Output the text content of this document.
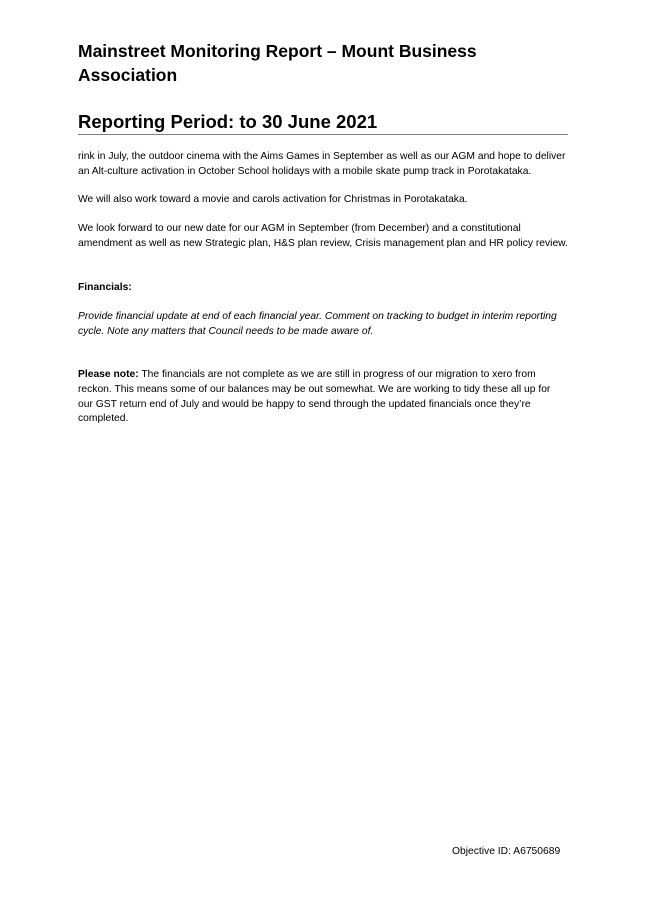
Mainstreet Monitoring Report – Mount Business Association
Reporting Period: to 30 June 2021

rink in July, the outdoor cinema with the Aims Games in September as well as our AGM and hope to deliver an Alt-culture activation in October School holidays with a mobile skate pump track in Porotakataka.

We will also work toward a movie and carols activation for Christmas in Porotakataka.

We look forward to our new date for our AGM in September (from December) and a constitutional amendment as well as new Strategic plan, H&S plan review, Crisis management plan and HR policy review.

Financials:

Provide financial update at end of each financial year. Comment on tracking to budget in interim reporting cycle. Note any matters that Council needs to be made aware of.

Please note: The financials are not complete as we are still in progress of our migration to xero from reckon. This means some of our balances may be out somewhat. We are working to tidy these all up for our GST return end of July and would be happy to send through the updated financials once they’re completed.

Objective ID: A6750689
